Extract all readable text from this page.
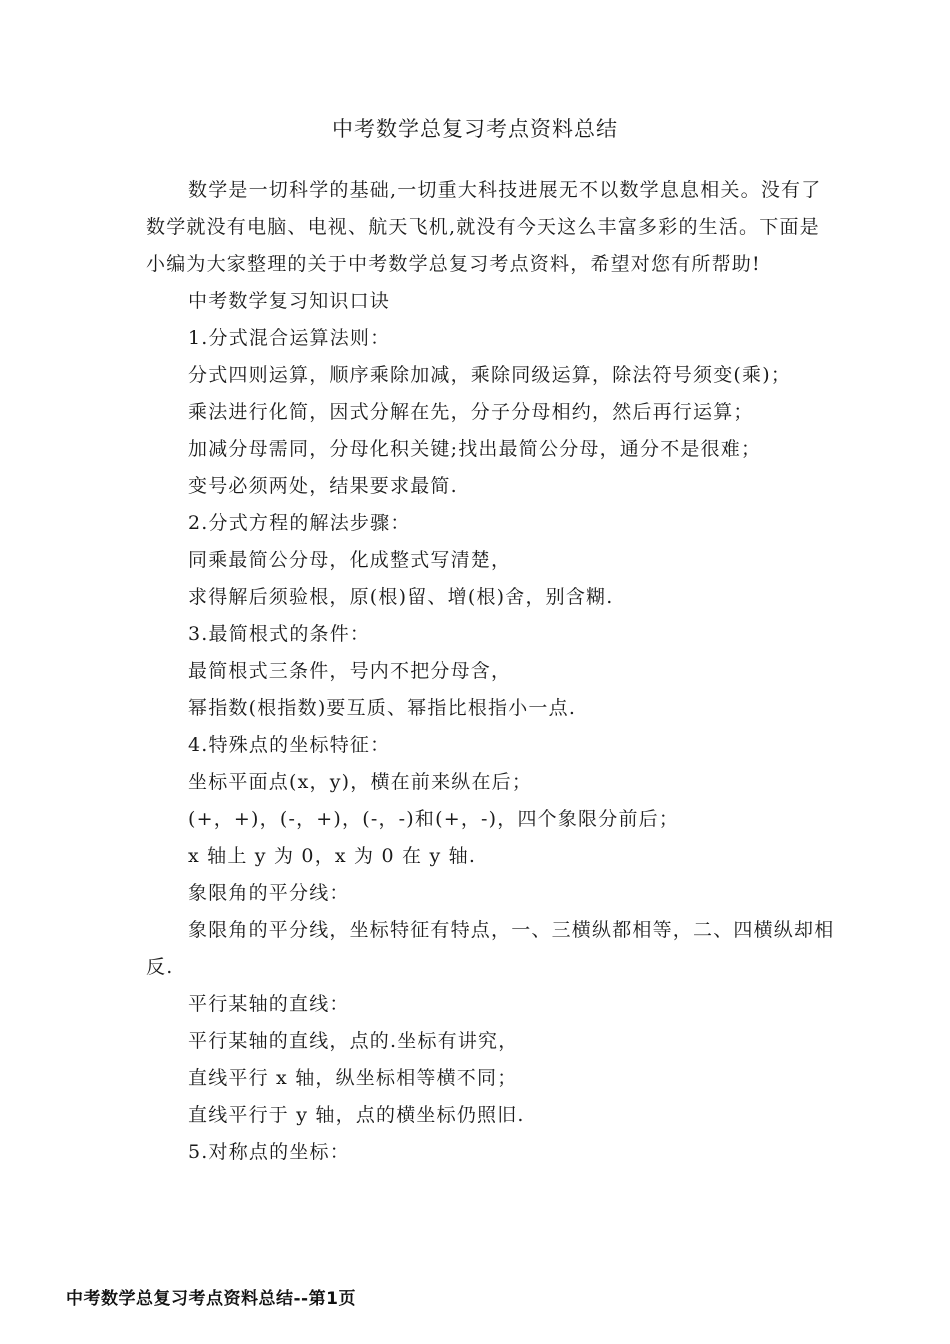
中考数学总复习考点资料总结

数学是一切科学的基础,一切重大科技进展无不以数学息息相关。没有了数学就没有电脑、电视、航天飞机,就没有今天这么丰富多彩的生活。下面是小编为大家整理的关于中考数学总复习考点资料，希望对您有所帮助!

中考数学复习知识口诀

1.分式混合运算法则：

分式四则运算，顺序乘除加减，乘除同级运算，除法符号须变(乘)；

乘法进行化简，因式分解在先，分子分母相约，然后再行运算；

加减分母需同，分母化积关键;找出最简公分母，通分不是很难；

变号必须两处，结果要求最简.

2.分式方程的解法步骤：

同乘最简公分母，化成整式写清楚，

求得解后须验根，原(根)留、增(根)舍，别含糊.

3.最简根式的条件：

最简根式三条件，号内不把分母含，

幂指数(根指数)要互质、幂指比根指小一点.

4.特殊点的坐标特征：

坐标平面点(x，y)，横在前来纵在后；

(+，+)，(-，+)，(-，-)和(+，-)，四个象限分前后；

x 轴上 y 为 0，x 为 0 在 y 轴.

象限角的平分线：

象限角的平分线，坐标特征有特点，一、三横纵都相等，二、四横纵却相反.

平行某轴的直线：

平行某轴的直线，点的.坐标有讲究，

直线平行 x 轴，纵坐标相等横不同；

直线平行于 y 轴，点的横坐标仍照旧.

5.对称点的坐标：

中考数学总复习考点资料总结--第1页
